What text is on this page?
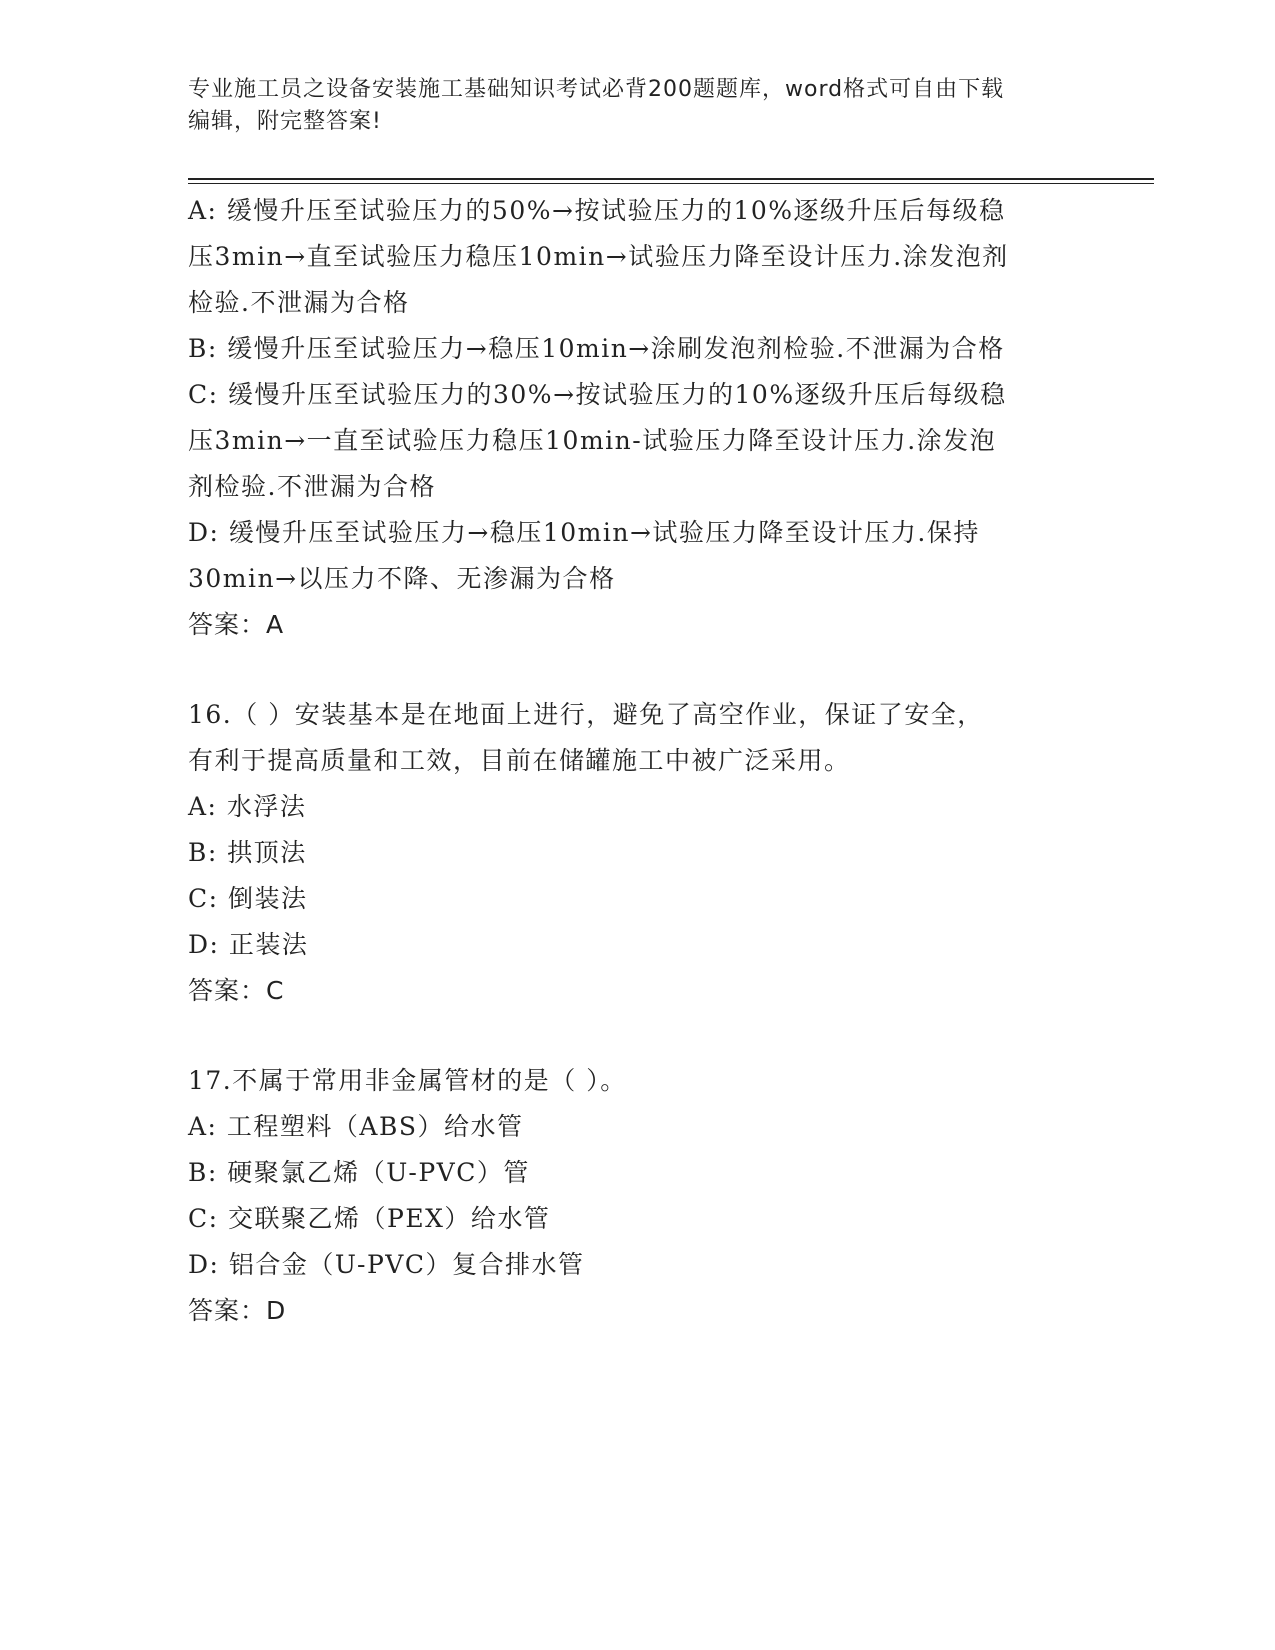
专业施工员之设备安装施工基础知识考试必背200题题库，word格式可自由下载
编辑，附完整答案!
A: 缓慢升压至试验压力的50%→按试验压力的10%逐级升压后每级稳
压3min→直至试验压力稳压10min→试验压力降至设计压力.涂发泡剂
检验.不泄漏为合格
B: 缓慢升压至试验压力→稳压10min→涂刷发泡剂检验.不泄漏为合格
C: 缓慢升压至试验压力的30%→按试验压力的10%逐级升压后每级稳
压3min→一直至试验压力稳压10min-试验压力降至设计压力.涂发泡
剂检验.不泄漏为合格
D: 缓慢升压至试验压力→稳压10min→试验压力降至设计压力.保持
30min→以压力不降、无渗漏为合格
答案：A
16.（ ）安装基本是在地面上进行，避免了高空作业，保证了安全，
有利于提高质量和工效，目前在储罐施工中被广泛采用。
A: 水浮法
B: 拱顶法
C: 倒装法
D: 正装法
答案：C
17.不属于常用非金属管材的是（ ）。
A: 工程塑料（ABS）给水管
B: 硬聚氯乙烯（U-PVC）管
C: 交联聚乙烯（PEX）给水管
D: 铝合金（U-PVC）复合排水管
答案：D
